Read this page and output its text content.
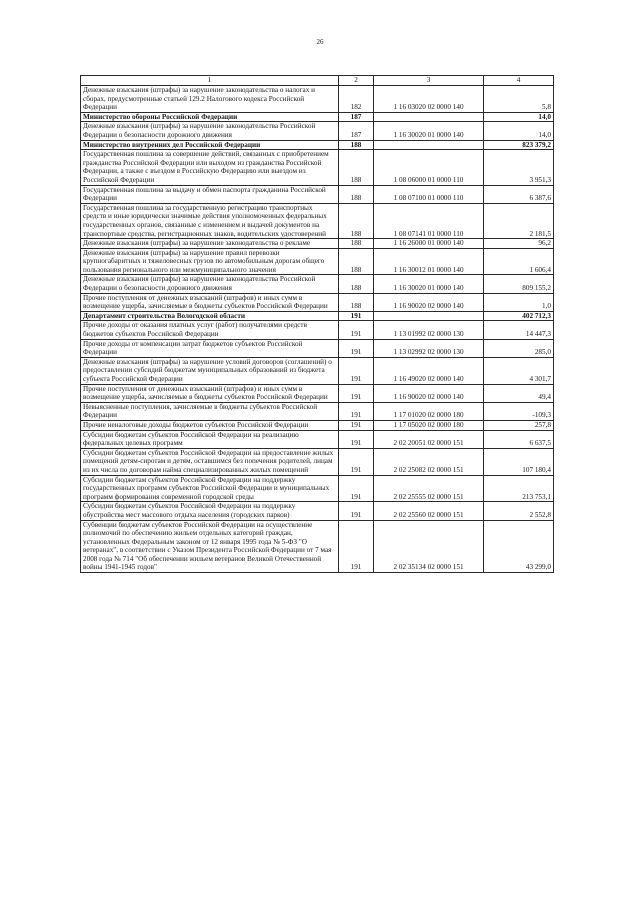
26
1	2	3	4
Денежные взыскания (штрафы) за нарушение законодательства о налогах и сборах, предусмотренные статьей 129.2 Налогового кодекса Российской Федерации	182	1 16 03020 02 0000 140	5,8
Министерство обороны Российской Федерации	187		14,0
Денежные взыскания (штрафы) за нарушение законодательства Российской Федерации о безопасности дорожного движения	187	1 16 30020 01 0000 140	14,0
Министерство внутренних дел Российской Федерации	188		823 379,2
Государственная пошлина за совершение действий, связанных с приобретением гражданства Российской Федерации или выходом из гражданства Российской Федерации, а также с въездом в Российскую Федерацию или выездом из Российской Федерации	188	1 08 06000 01 0000 110	3 951,3
Государственная пошлина за выдачу и обмен паспорта гражданина Российской Федерации	188	1 08 07100 01 0000 110	6 387,6
Государственная пошлина за государственную регистрацию транспортных средств и иные юридически значимые действия уполномоченных федеральных государственных органов, связанные с изменением и выдачей документов на транспортные средства, регистрационных знаков, водительских удостоверений	188	1 08 07141 01 0000 110	2 181,5
Денежные взыскания (штрафы) за нарушение законодательства о рекламе	188	1 16 26000 01 0000 140	96,2
Денежные взыскания (штрафы) за нарушение правил перевозки крупногабаритных и тяжеловесных грузов по автомобильным дорогам общего пользования регионального или межмуниципального значения	188	1 16 30012 01 0000 140	1 606,4
Денежные взыскания (штрафы) за нарушение законодательства Российской Федерации о безопасности дорожного движения	188	1 16 30020 01 0000 140	809 155,2
Прочие поступления от денежных взысканий (штрафов) и иных сумм в возмещение ущерба, зачисляемые в бюджеты субъектов Российской Федерации	188	1 16 90020 02 0000 140	1,0
Департамент строительства Вологодской области	191		402 712,3
Прочие доходы от оказания платных услуг (работ) получателями средств бюджетов субъектов Российской Федерации	191	1 13 01992 02 0000 130	14 447,3
Прочие доходы от компенсации затрат бюджетов субъектов Российской Федерации	191	1 13 02992 02 0000 130	285,0
Денежные взыскания (штрафы) за нарушение условий договоров (соглашений) о предоставлении субсидий бюджетам муниципальных образований из бюджета субъекта Российской Федерации	191	1 16 49020 02 0000 140	4 301,7
Прочие поступления от денежных взысканий (штрафов) и иных сумм в возмещение ущерба, зачисляемые в бюджеты субъектов Российской Федерации	191	1 16 90020 02 0000 140	49,4
Невыясненные поступления, зачисляемые в бюджеты субъектов Российской Федерации	191	1 17 01020 02 0000 180	-109,3
Прочие неналоговые доходы бюджетов субъектов Российской Федерации	191	1 17 05020 02 0000 180	257,8
Субсидии бюджетам субъектов Российской Федерации на реализацию федеральных целевых программ	191	2 02 20051 02 0000 151	6 637,5
Субсидии бюджетам субъектов Российской Федерации на предоставление жилых помещений детям-сиротам и детям, оставшимся без попечения родителей, лицам из их числа по договорам найма специализированных жилых помещений	191	2 02 25082 02 0000 151	107 180,4
Субсидии бюджетам субъектов Российской Федерации на поддержку государственных программ субъектов Российской Федерации и муниципальных программ формирования современной городской среды	191	2 02 25555 02 0000 151	213 753,1
Субсидии бюджетам субъектов Российской Федерации на поддержку обустройства мест массового отдыха населения (городских парков)	191	2 02 25560 02 0000 151	2 552,8
Субвенции бюджетам субъектов Российской Федерации на осуществление полномочий по обеспечению жильем отдельных категорий граждан, установленных Федеральным законом от 12 января 1995 года № 5-ФЗ "О ветеранах", в соответствии с Указом Президента Российской Федерации от 7 мая 2008 года № 714 "Об обеспечении жильем ветеранов Великой Отечественной войны 1941-1945 годов"	191	2 02 35134 02 0000 151	43 299,0
